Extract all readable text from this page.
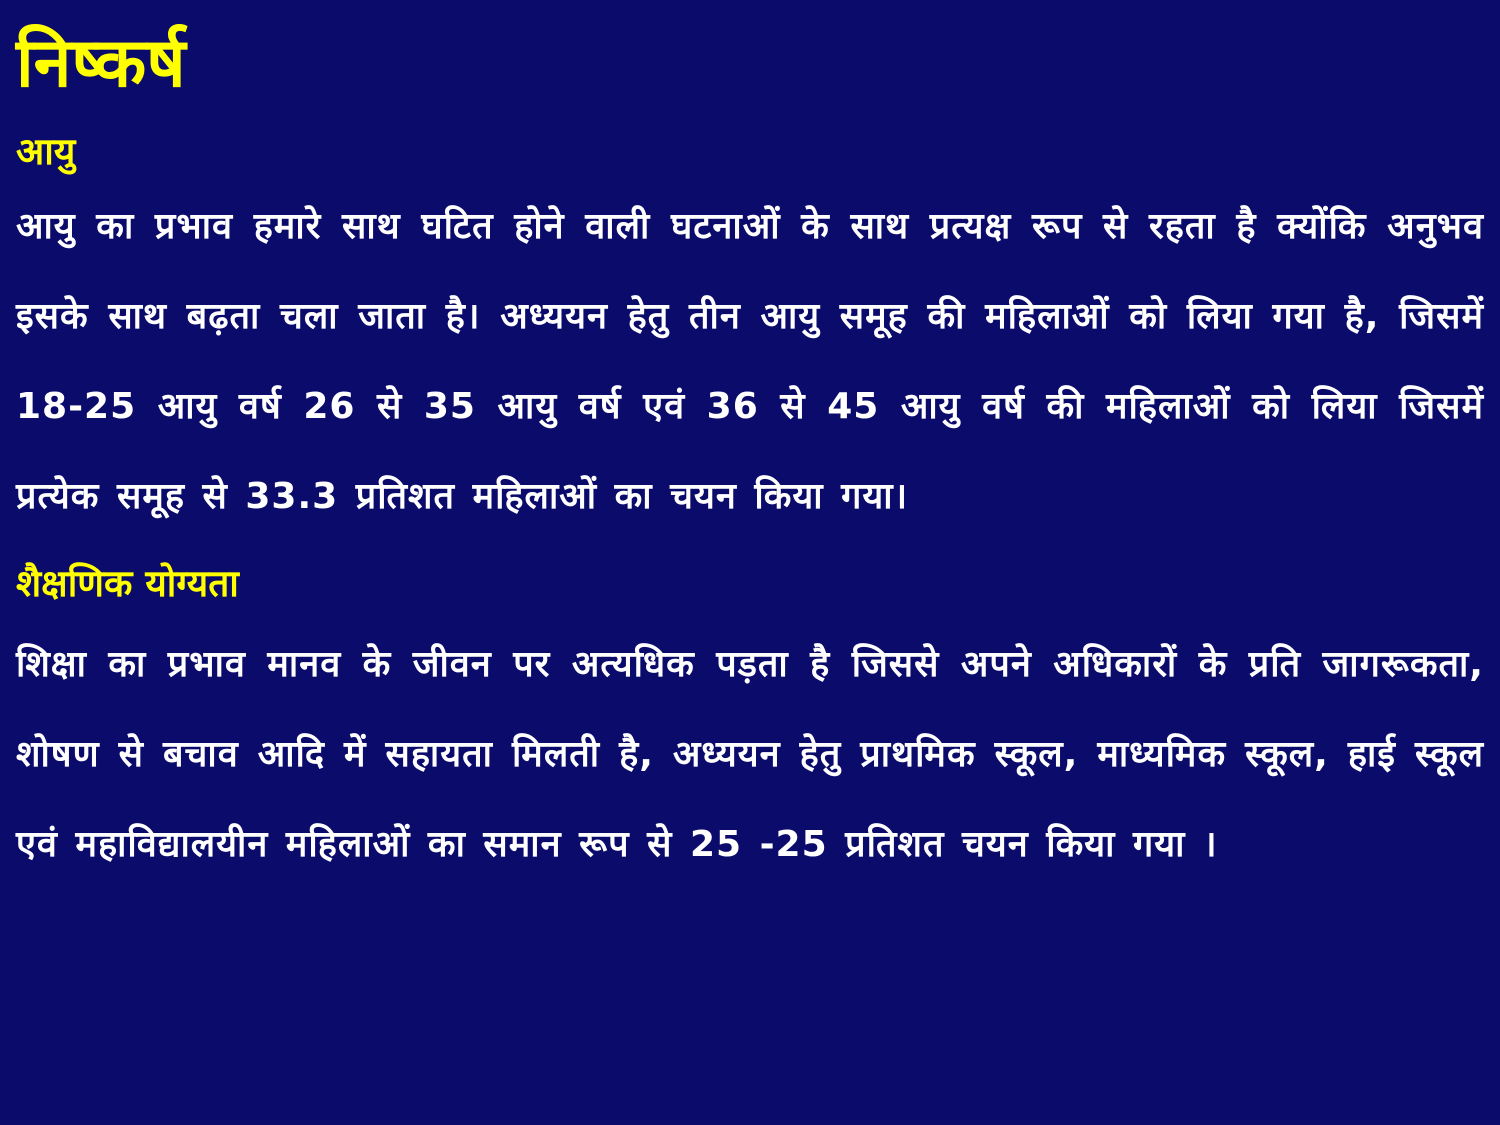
निष्कर्ष
आयु

आयु का प्रभाव हमारे साथ घटित होने वाली घटनाओं के साथ प्रत्यक्ष रूप से रहता है क्योंकि अनुभव इसके साथ बढ़ता चला जाता है। अध्ययन हेतु तीन आयु समूह की महिलाओं को लिया गया है, जिसमें 18-25 आयु वर्ष 26 से 35 आयु वर्ष एवं 36 से 45 आयु वर्ष की महिलाओं को लिया जिसमें प्रत्येक समूह से 33.3 प्रतिशत महिलाओं का चयन किया गया।

शैक्षणिक योग्यता

शिक्षा का प्रभाव मानव के जीवन पर अत्यधिक पड़ता है जिससे अपने अधिकारों के प्रति जागरूकता, शोषण से बचाव आदि में सहायता मिलती है, अध्ययन हेतु प्राथमिक स्कूल, माध्यमिक स्कूल, हाई स्कूल एवं महाविद्यालयीन महिलाओं का समान रूप से 25 -25 प्रतिशत चयन किया गया ।
